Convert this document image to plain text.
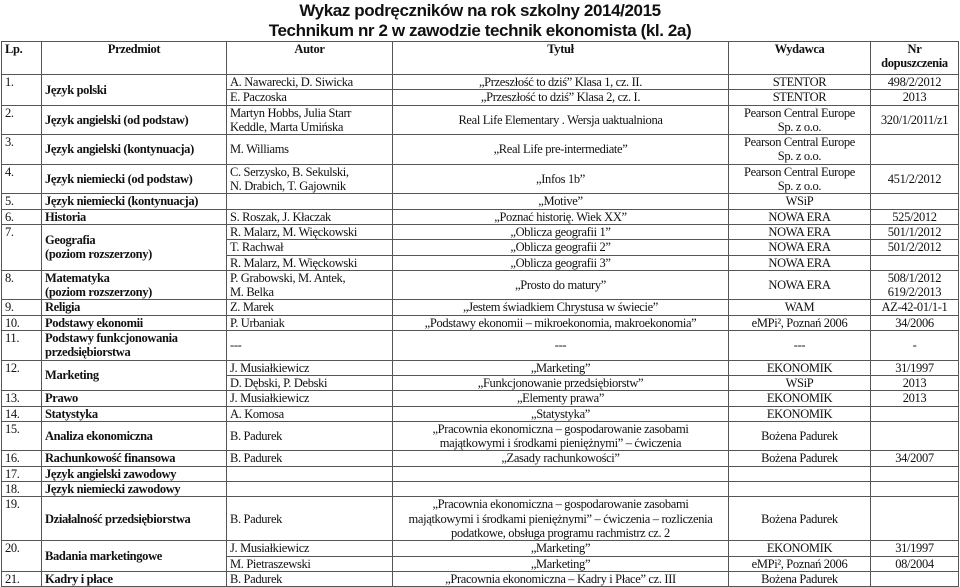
Wykaz podręczników na rok szkolny 2014/2015
Technikum nr 2 w zawodzie technik ekonomista (kl. 2a)
Lp.	Przedmiot	Autor	Tytuł	Wydawca	Nr
dopuszczenia
1.	Język polski	A. Nawarecki, D. Siwicka	„Przeszłość to dziś” Klasa 1, cz. II.	STENTOR	498/2/2012
		E. Paczoska	„Przeszłość to dziś” Klasa 2, cz. I.	STENTOR	2013
2.	Język angielski (od podstaw)	Martyn Hobbs, Julia Starr
Keddle, Marta Umińska	Real Life Elementary . Wersja uaktualniona	Pearson Central Europe
Sp. z o.o.	320/1/2011/z1
3.	Język angielski (kontynuacja)	M. Williams	„Real Life pre-intermediate”	Pearson Central Europe
Sp. z o.o.	
4.	Język niemiecki (od podstaw)	C. Serzysko, B. Sekulski,
N. Drabich, T. Gajownik	„Infos 1b”	Pearson Central Europe
Sp. z o.o.	451/2/2012
5.	Język niemiecki (kontynuacja)		„Motive”	WSiP	
6.	Historia	S. Roszak, J. Kłaczak	„Poznać historię. Wiek XX”	NOWA ERA	525/2012
7.	Geografia
(poziom rozszerzony)	R. Malarz, M. Więckowski	„Oblicza geografii 1”	NOWA ERA	501/1/2012
		T. Rachwał	„Oblicza geografii 2”	NOWA ERA	501/2/2012
		R. Malarz, M. Więckowski	„Oblicza geografii 3”	NOWA ERA	
8.	Matematyka
(poziom rozszerzony)	P. Grabowski, M. Antek,
M. Belka	„Prosto do matury”	NOWA ERA	508/1/2012
619/2/2013
9.	Religia	Z. Marek	„Jestem świadkiem Chrystusa w świecie”	WAM	AZ-42-01/1-1
10.	Podstawy ekonomii	P. Urbaniak	„Podstawy ekonomii – mikroekonomia, makroekonomia”	eMPi², Poznań 2006	34/2006
11.	Podstawy funkcjonowania
przedsiębiorstwa	---	---	---	-
12.	Marketing	J. Musiałkiewicz	„Marketing”	EKONOMIK	31/1997
		D. Dębski, P. Debski	„Funkcjonowanie przedsiębiorstw”	WSiP	2013
13.	Prawo	J. Musiałkiewicz	„Elementy prawa”	EKONOMIK	2013
14.	Statystyka	A. Komosa	„Statystyka”	EKONOMIK	
15.	Analiza ekonomiczna	B. Padurek	„Pracownia ekonomiczna – gospodarowanie zasobami
majątkowymi i środkami pieniężnymi” – ćwiczenia	Bożena Padurek	
16.	Rachunkowość finansowa	B. Padurek	„Zasady rachunkowości”	Bożena Padurek	34/2007
17.	Język angielski zawodowy				
18.	Język niemiecki zawodowy				
19.	Działalność przedsiębiorstwa	B. Padurek	„Pracownia ekonomiczna – gospodarowanie zasobami
majątkowymi i środkami pieniężnymi” – ćwiczenia – rozliczenia
podatkowe, obsługa programu rachmistrz cz. 2	Bożena Padurek	
20.	Badania marketingowe	J. Musiałkiewicz	„Marketing”	EKONOMIK	31/1997
		M. Pietraszewski	„Marketing”	eMPi², Poznań 2006	08/2004
21.	Kadry i płace	B. Padurek	„Pracownia ekonomiczna – Kadry i Płace” cz. III	Bożena Padurek	
